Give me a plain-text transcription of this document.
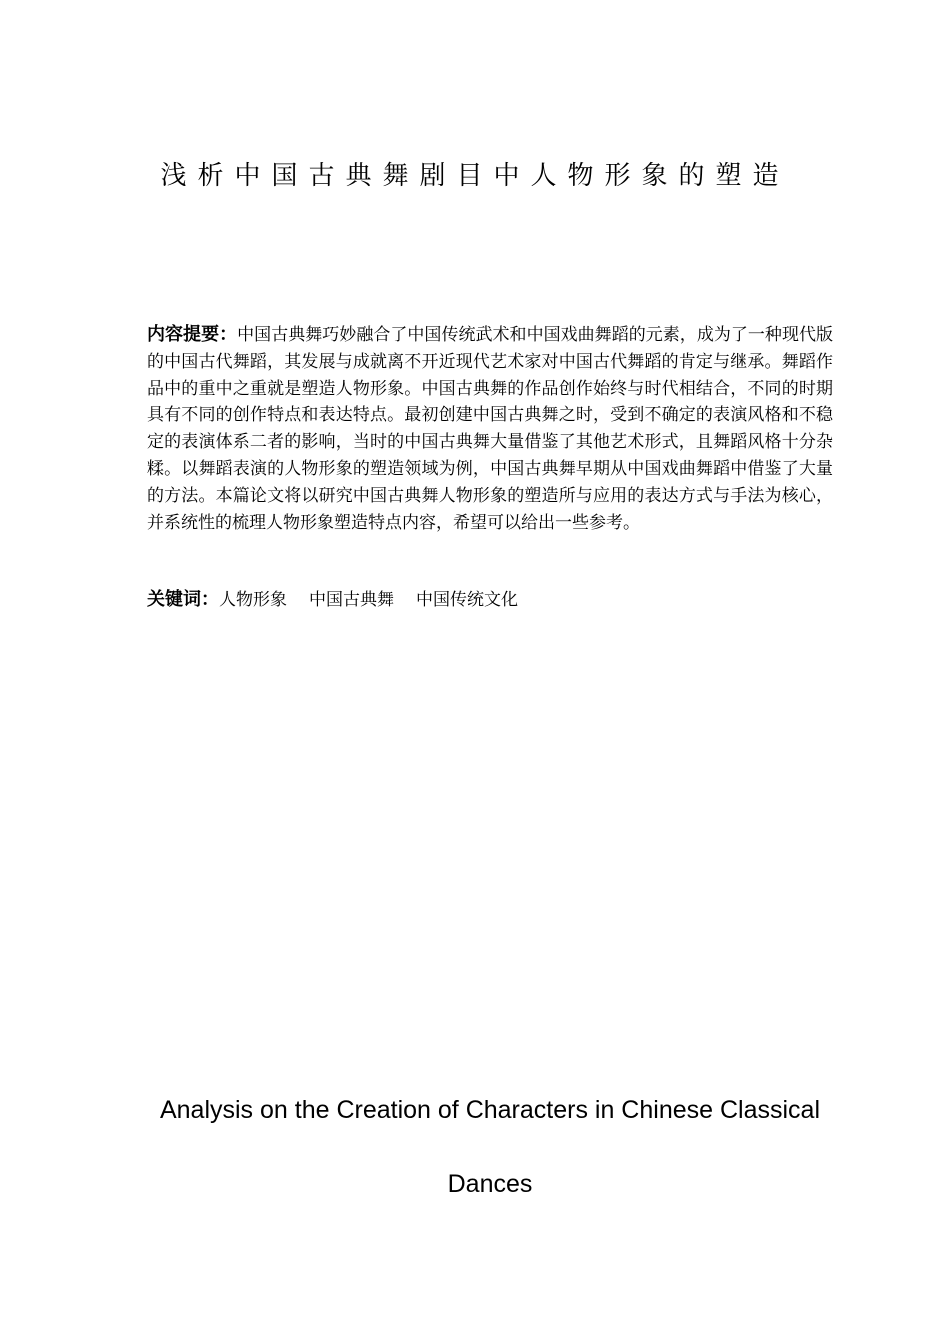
浅析中国古典舞剧目中人物形象的塑造

内容提要：中国古典舞巧妙融合了中国传统武术和中国戏曲舞蹈的元素，成为了一种现代版的中国古代舞蹈，其发展与成就离不开近现代艺术家对中国古代舞蹈的肯定与继承。舞蹈作品中的重中之重就是塑造人物形象。中国古典舞的作品创作始终与时代相结合，不同的时期具有不同的创作特点和表达特点。最初创建中国古典舞之时，受到不确定的表演风格和不稳定的表演体系二者的影响，当时的中国古典舞大量借鉴了其他艺术形式，且舞蹈风格十分杂糅。以舞蹈表演的人物形象的塑造领域为例，中国古典舞早期从中国戏曲舞蹈中借鉴了大量的方法。本篇论文将以研究中国古典舞人物形象的塑造所与应用的表达方式与手法为核心，并系统性的梳理人物形象塑造特点内容，希望可以给出一些参考。

关键词：人物形象 中国古典舞 中国传统文化

Analysis on the Creation of Characters in Chinese Classical
Dances
